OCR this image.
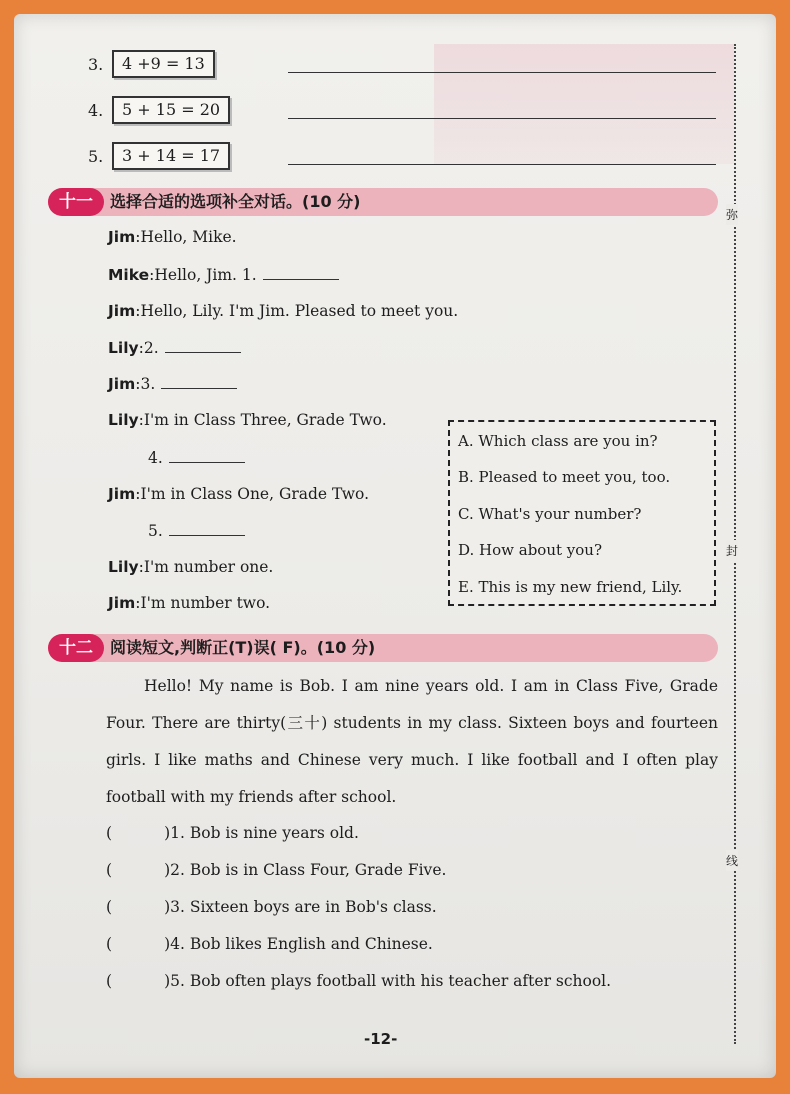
3.	4 +9 = 13
4.	5 + 15 = 20
5.	3 + 14 = 17
十一	选择合适的选项补全对话。(10 分)
Jim:Hello, Mike.
Mike:Hello, Jim. 1.
Jim:Hello, Lily. I'm Jim. Pleased to meet you.
Lily:2.
Jim:3.
Lily:I'm in Class Three, Grade Two.
4.
Jim:I'm in Class One, Grade Two.
5.
Lily:I'm number one.
Jim:I'm number two.
A. Which class are you in?
B. Pleased to meet you, too.
C. What's your number?
D. How about you?
E. This is my new friend, Lily.
十二	阅读短文,判断正(T)误( F)。(10 分)

Hello! My name is Bob. I am nine years old. I am in Class Five, Grade Four. There are thirty(三十) students in my class. Sixteen boys and fourteen girls. I like maths and Chinese very much. I like football and I often play football with my friends after school.

(	)1. Bob is nine years old.
(	)2. Bob is in Class Four, Grade Five.
(	)3. Sixteen boys are in Bob's class.
(	)4. Bob likes English and Chinese.
(	)5. Bob often plays football with his teacher after school.
弥
封
线
-12-
